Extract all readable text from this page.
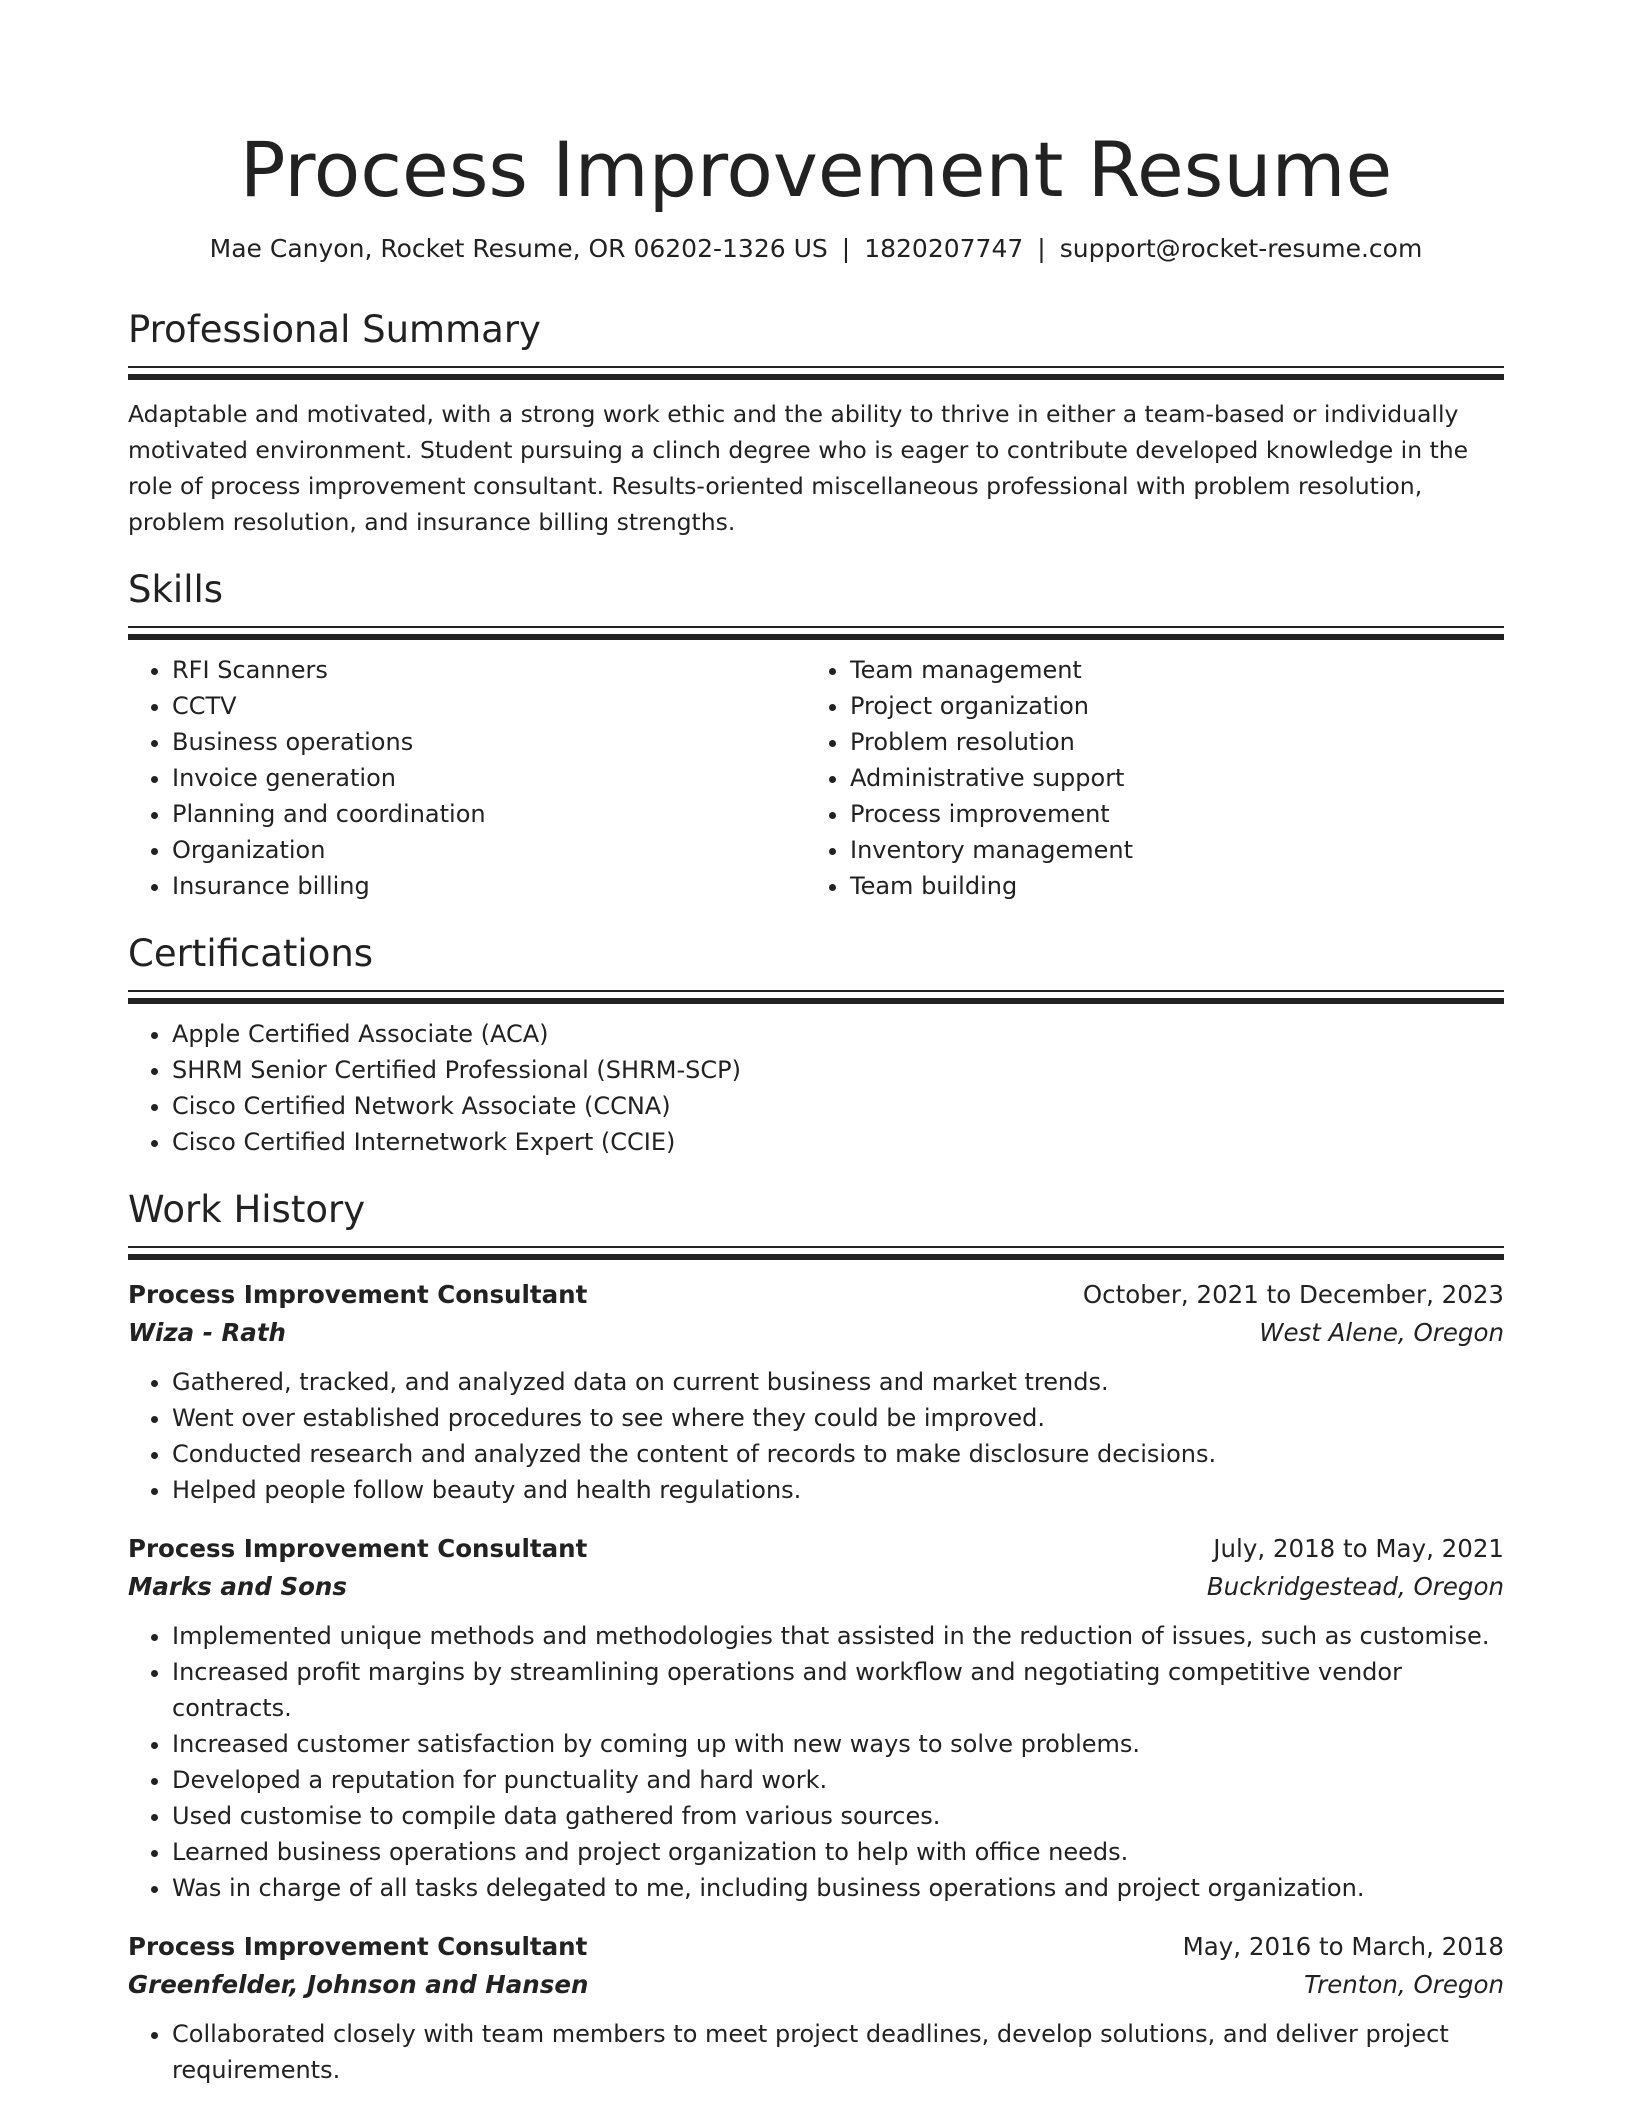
Process Improvement Resume
Mae Canyon, Rocket Resume, OR 06202-1326 US | 1820207747 | support@rocket-resume.com
Professional Summary

Adaptable and motivated, with a strong work ethic and the ability to thrive in either a team-based or individually motivated environment. Student pursuing a clinch degree who is eager to contribute developed knowledge in the role of process improvement consultant. Results-oriented miscellaneous professional with problem resolution, problem resolution, and insurance billing strengths.

Skills
• RFI Scanners
• CCTV
• Business operations
• Invoice generation
• Planning and coordination
• Organization
• Insurance billing
• Team management
• Project organization
• Problem resolution
• Administrative support
• Process improvement
• Inventory management
• Team building
Certifications
• Apple Certified Associate (ACA)
• SHRM Senior Certified Professional (SHRM-SCP)
• Cisco Certified Network Associate (CCNA)
• Cisco Certified Internetwork Expert (CCIE)
Work History
Process Improvement Consultant	October, 2021 to December, 2023
Wiza - Rath	West Alene, Oregon
• Gathered, tracked, and analyzed data on current business and market trends.
• Went over established procedures to see where they could be improved.
• Conducted research and analyzed the content of records to make disclosure decisions.
• Helped people follow beauty and health regulations.
Process Improvement Consultant	July, 2018 to May, 2021
Marks and Sons	Buckridgestead, Oregon
• Implemented unique methods and methodologies that assisted in the reduction of issues, such as customise.
• Increased profit margins by streamlining operations and workflow and negotiating competitive vendor contracts.
• Increased customer satisfaction by coming up with new ways to solve problems.
• Developed a reputation for punctuality and hard work.
• Used customise to compile data gathered from various sources.
• Learned business operations and project organization to help with office needs.
• Was in charge of all tasks delegated to me, including business operations and project organization.
Process Improvement Consultant	May, 2016 to March, 2018
Greenfelder, Johnson and Hansen	Trenton, Oregon
• Collaborated closely with team members to meet project deadlines, develop solutions, and deliver project requirements.
